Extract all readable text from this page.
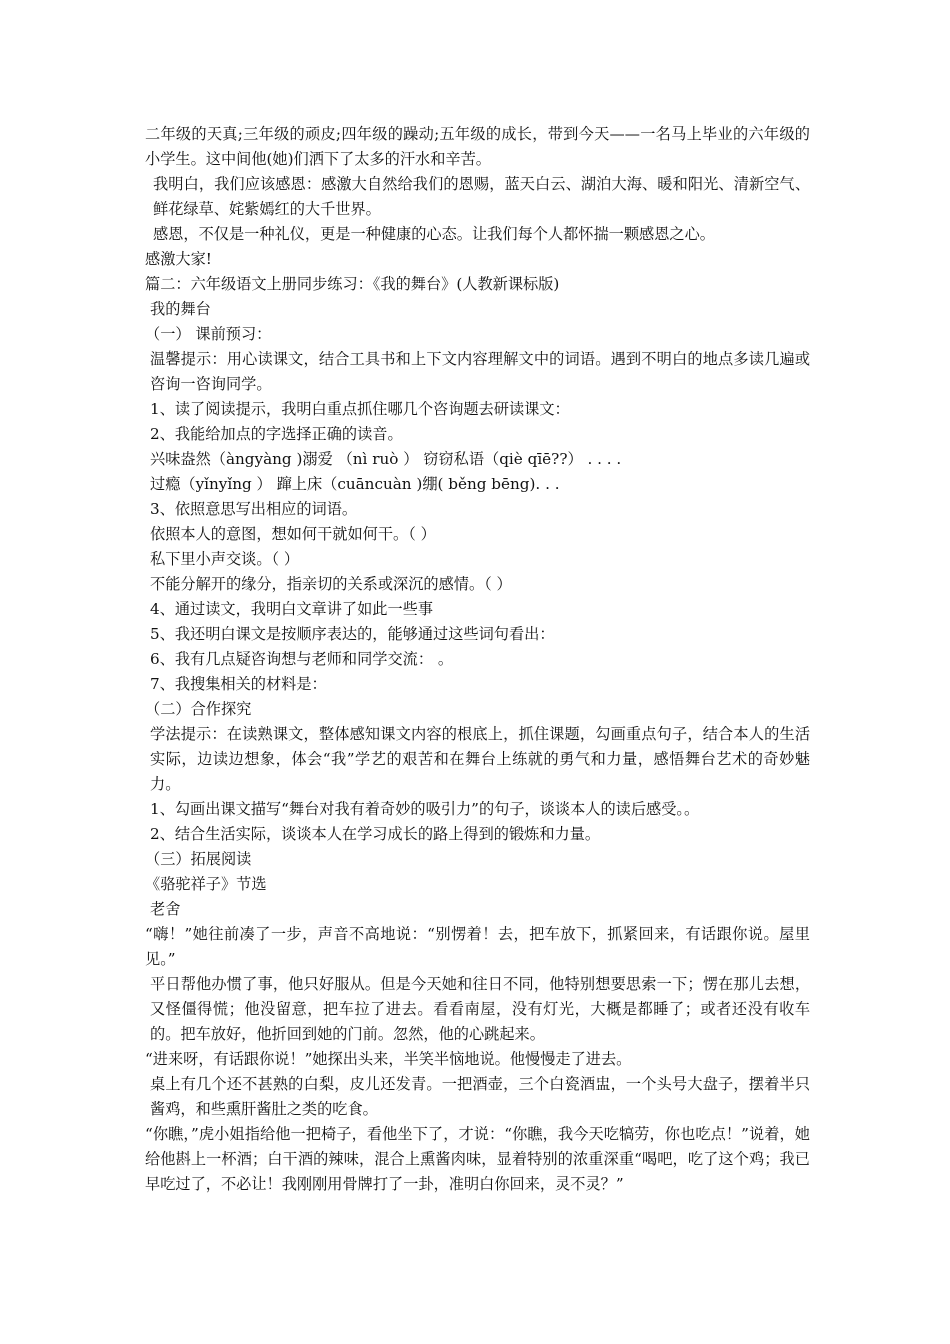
二年级的天真;三年级的顽皮;四年级的躁动;五年级的成长，带到今天——一名马上毕业的六年级的小学生。这中间他(她)们洒下了太多的汗水和辛苦。

我明白，我们应该感恩：感激大自然给我们的恩赐，蓝天白云、湖泊大海、暖和阳光、清新空气、鲜花绿草、姹紫嫣红的大千世界。

感恩，不仅是一种礼仪，更是一种健康的心态。让我们每个人都怀揣一颗感恩之心。

感激大家!

篇二：六年级语文上册同步练习：《我的舞台》(人教新课标版)

我的舞台

（一） 课前预习：

温馨提示：用心读课文，结合工具书和上下文内容理解文中的词语。遇到不明白的地点多读几遍或咨询一咨询同学。

1、读了阅读提示，我明白重点抓住哪几个咨询题去研读课文：

2、我能给加点的字选择正确的读音。

兴味盎然（àngyàng )溺爱 （nì ruò ） 窃窃私语（qiè qīē??） . . . .

过瘾（yǐnyǐng ） 蹿上床（cuāncuàn )绷( běng bēng). . .

3、依照意思写出相应的词语。

依照本人的意图，想如何干就如何干。（ ）

私下里小声交谈。（ ）

不能分解开的缘分，指亲切的关系或深沉的感情。（ ）

4、通过读文，我明白文章讲了如此一些事

5、我还明白课文是按顺序表达的，能够通过这些词句看出：

6、我有几点疑咨询想与老师和同学交流： 。

7、我搜集相关的材料是：

（二）合作探究

学法提示：在读熟课文，整体感知课文内容的根底上，抓住课题，勾画重点句子，结合本人的生活实际，边读边想象，体会“我”学艺的艰苦和在舞台上练就的勇气和力量，感悟舞台艺术的奇妙魅力。

1、勾画出课文描写“舞台对我有着奇妙的吸引力”的句子，谈谈本人的读后感受。。

2、结合生活实际，谈谈本人在学习成长的路上得到的锻炼和力量。

（三）拓展阅读

《骆驼祥子》节选

老舍

“嗨！”她往前凑了一步，声音不高地说：“别愣着！去，把车放下，抓紧回来，有话跟你说。屋里见。”

平日帮他办惯了事，他只好服从。但是今天她和往日不同，他特别想要思索一下；愣在那儿去想，又怪僵得慌；他没留意，把车拉了进去。看看南屋，没有灯光，大概是都睡了；或者还没有收车的。把车放好，他折回到她的门前。忽然，他的心跳起来。

“进来呀，有话跟你说！”她探出头来，半笑半恼地说。他慢慢走了进去。

桌上有几个还不甚熟的白梨，皮儿还发青。一把酒壶，三个白瓷酒盅，一个头号大盘子，摆着半只酱鸡，和些熏肝酱肚之类的吃食。

“你瞧，”虎小姐指给他一把椅子，看他坐下了，才说：“你瞧，我今天吃犒劳，你也吃点！”说着，她给他斟上一杯酒；白干酒的辣味，混合上熏酱肉味，显着特别的浓重深重“喝吧，吃了这个鸡；我已早吃过了，不必让！我刚刚用骨牌打了一卦，准明白你回来，灵不灵？”
